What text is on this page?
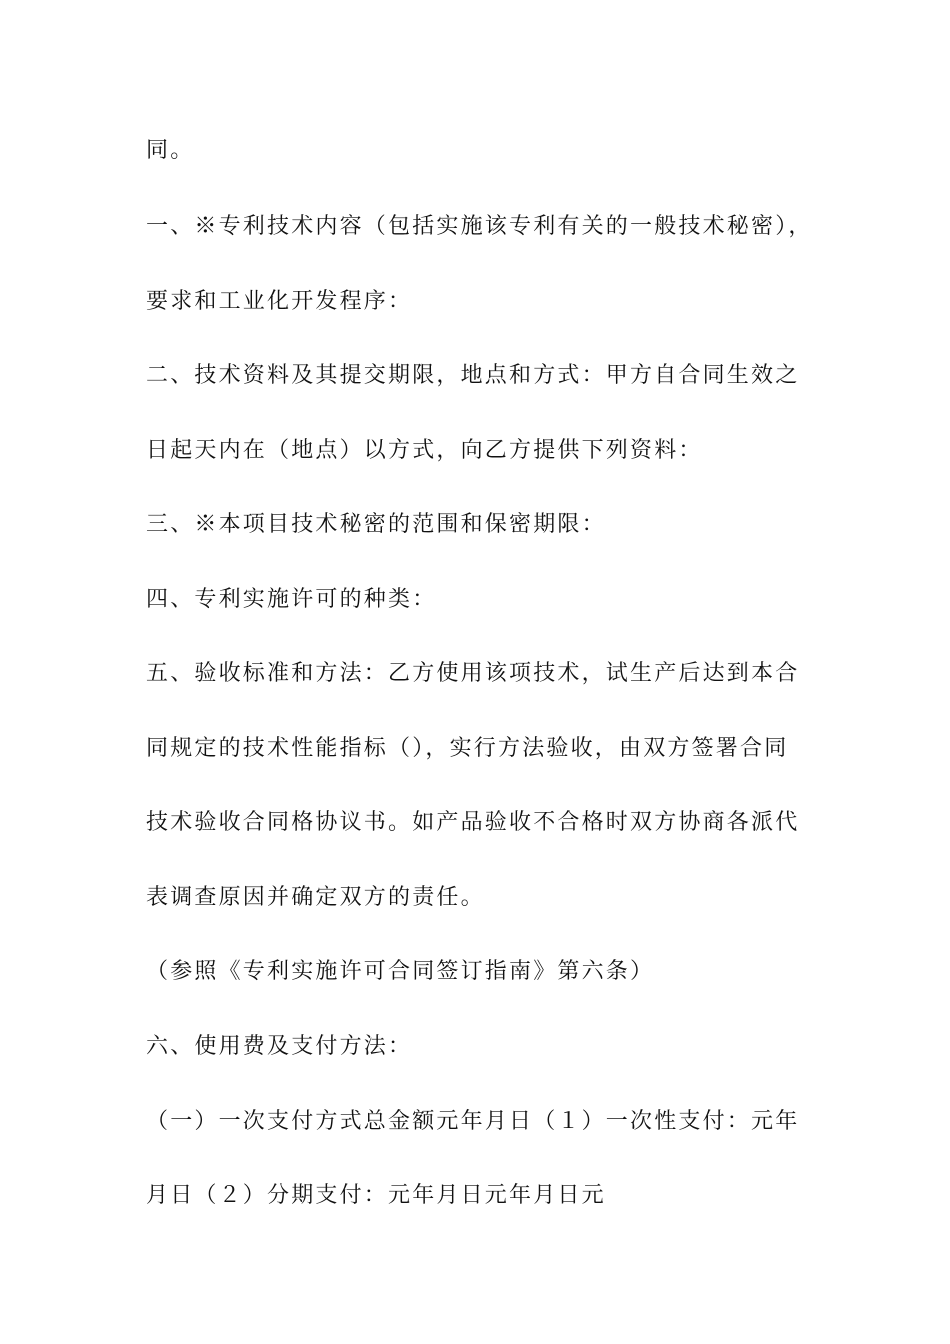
同。

一、※专利技术内容（包括实施该专利有关的一般技术秘密），

要求和工业化开发程序：

二、技术资料及其提交期限，地点和方式：甲方自合同生效之

日起天内在（地点）以方式，向乙方提供下列资料：

三、※本项目技术秘密的范围和保密期限：

四、专利实施许可的种类：

五、验收标准和方法：乙方使用该项技术，试生产后达到本合

同规定的技术性能指标（），实行方法验收，由双方签署合同

技术验收合同格协议书。如产品验收不合格时双方协商各派代

表调查原因并确定双方的责任。

（参照《专利实施许可合同签订指南》第六条）

六、使用费及支付方法：

（一）一次支付方式总金额元年月日（１）一次性支付：元年

月日（２）分期支付：元年月日元年月日元
